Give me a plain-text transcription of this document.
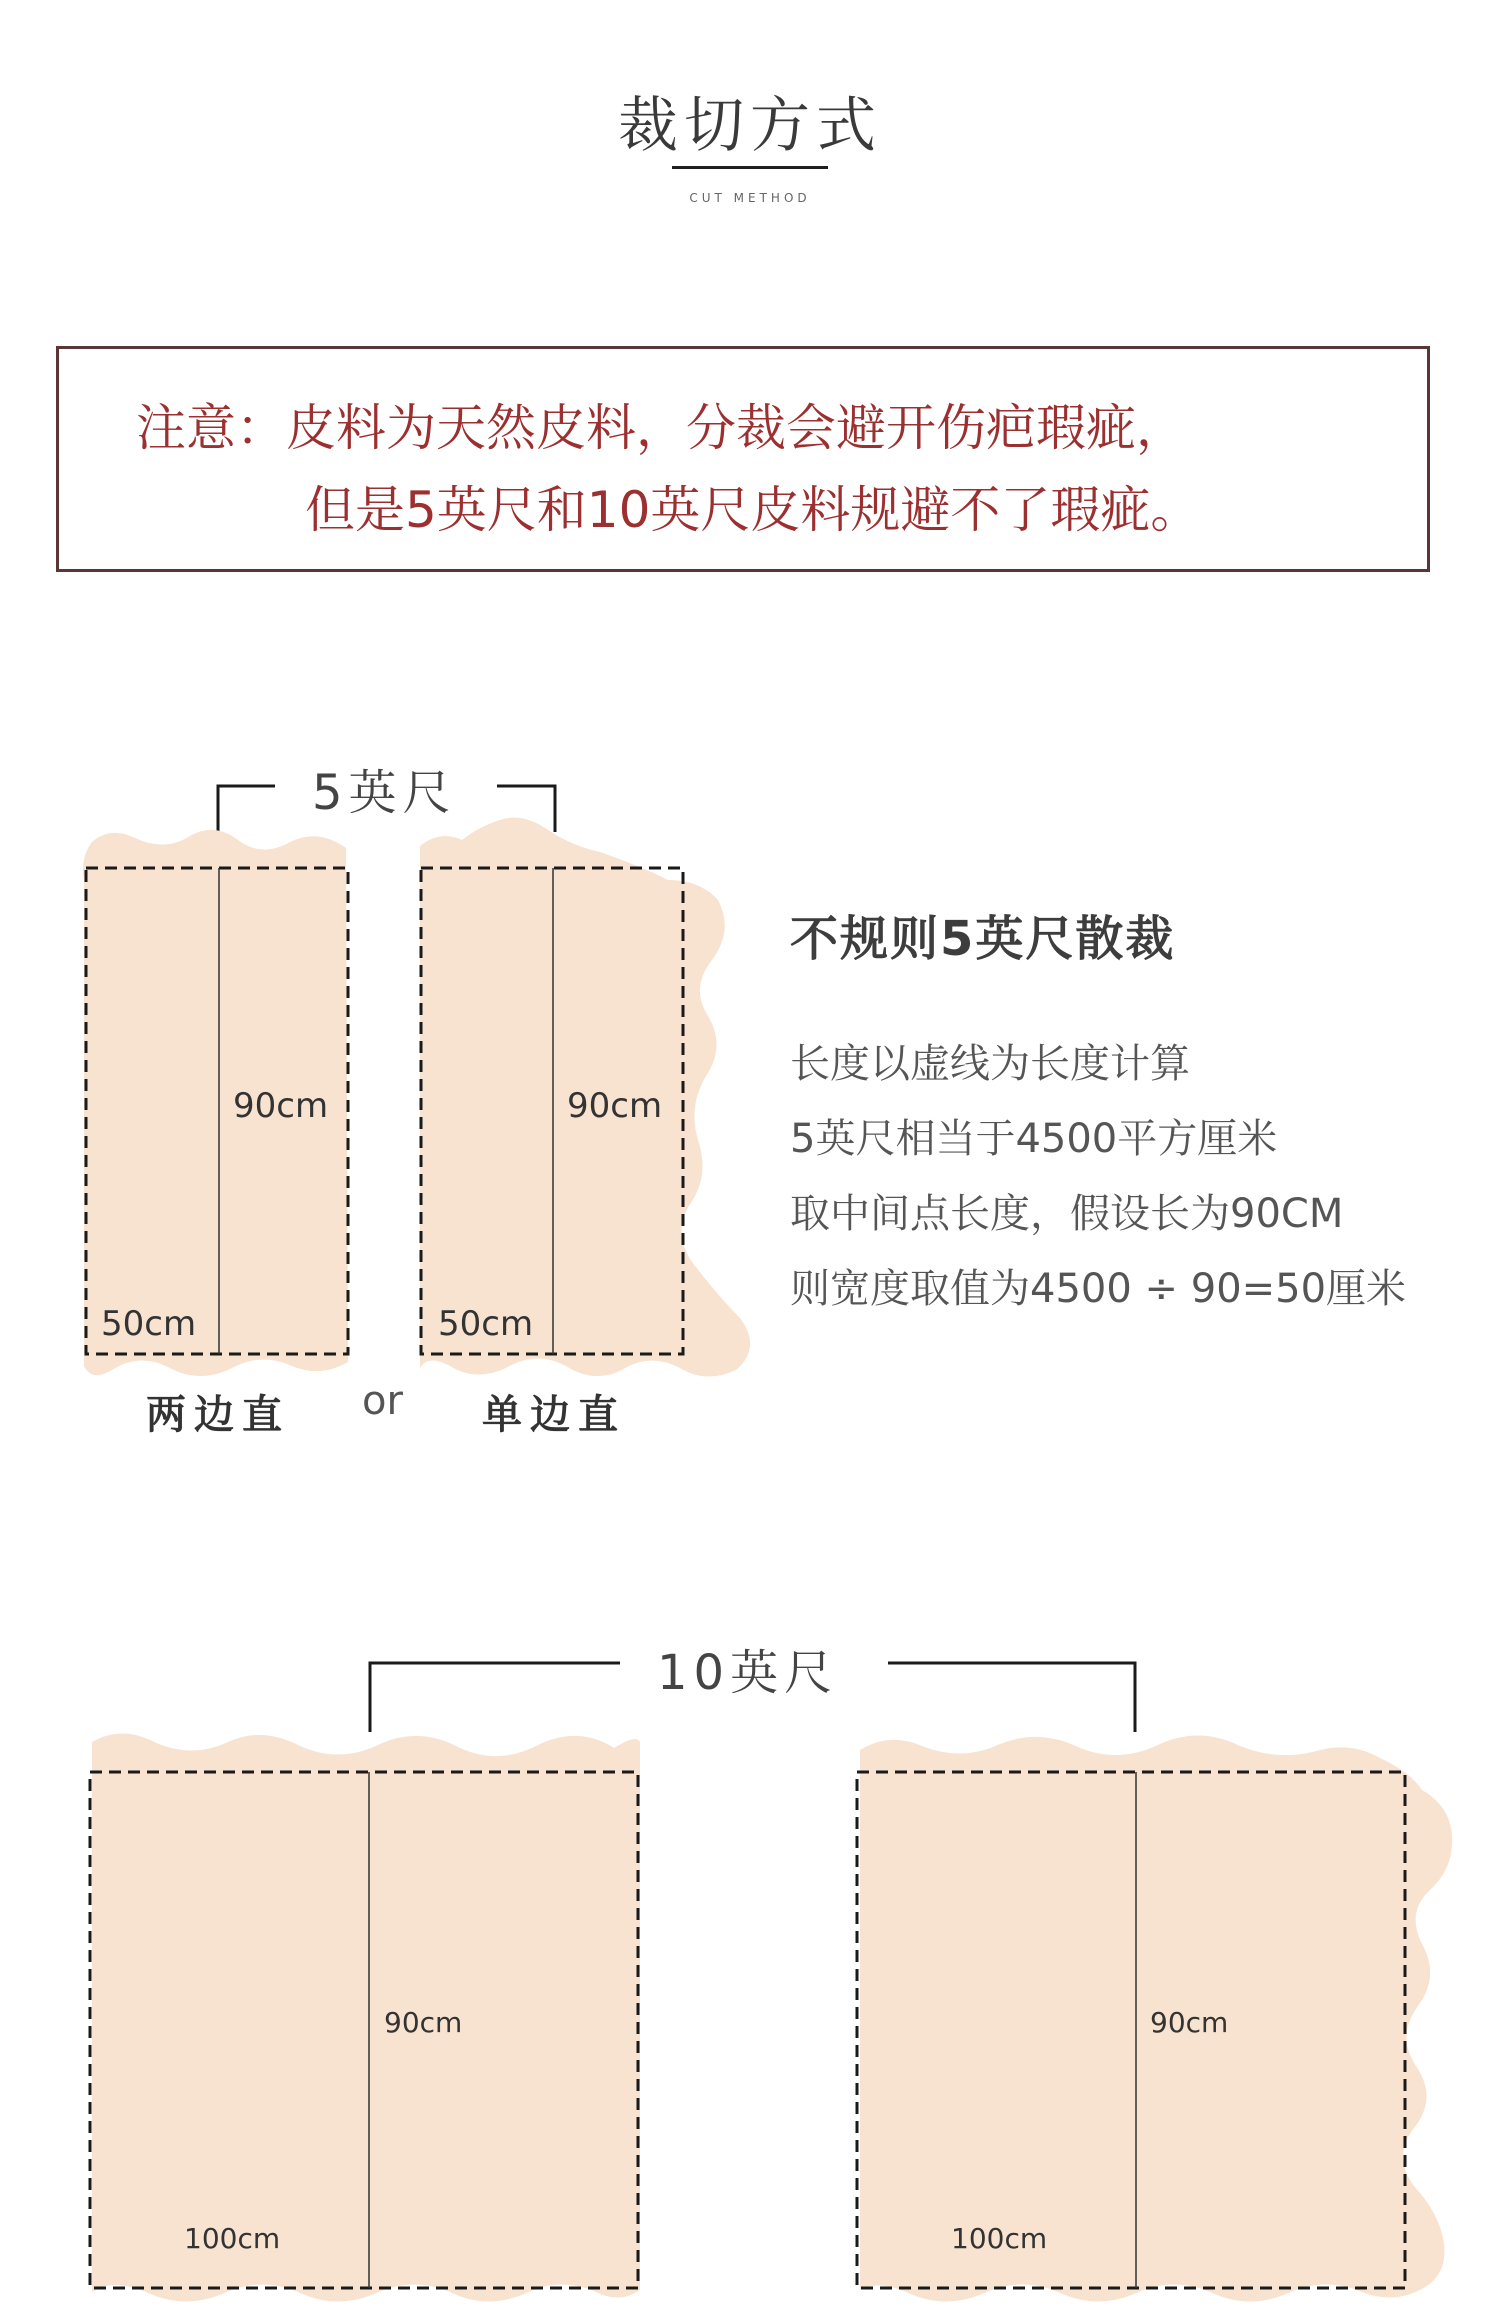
裁切方式
CUT METHOD
注意：皮料为天然皮料，分裁会避开伤疤瑕疵，
但是5英尺和10英尺皮料规避不了瑕疵。
5英尺
90cm
50cm
90cm
50cm
两边直 or 单边直
不规则5英尺散裁
长度以虚线为长度计算
5英尺相当于4500平方厘米
取中间点长度，假设长为90CM
则宽度取值为4500 ÷ 90=50厘米
10英尺
90cm
100cm
90cm
100cm
